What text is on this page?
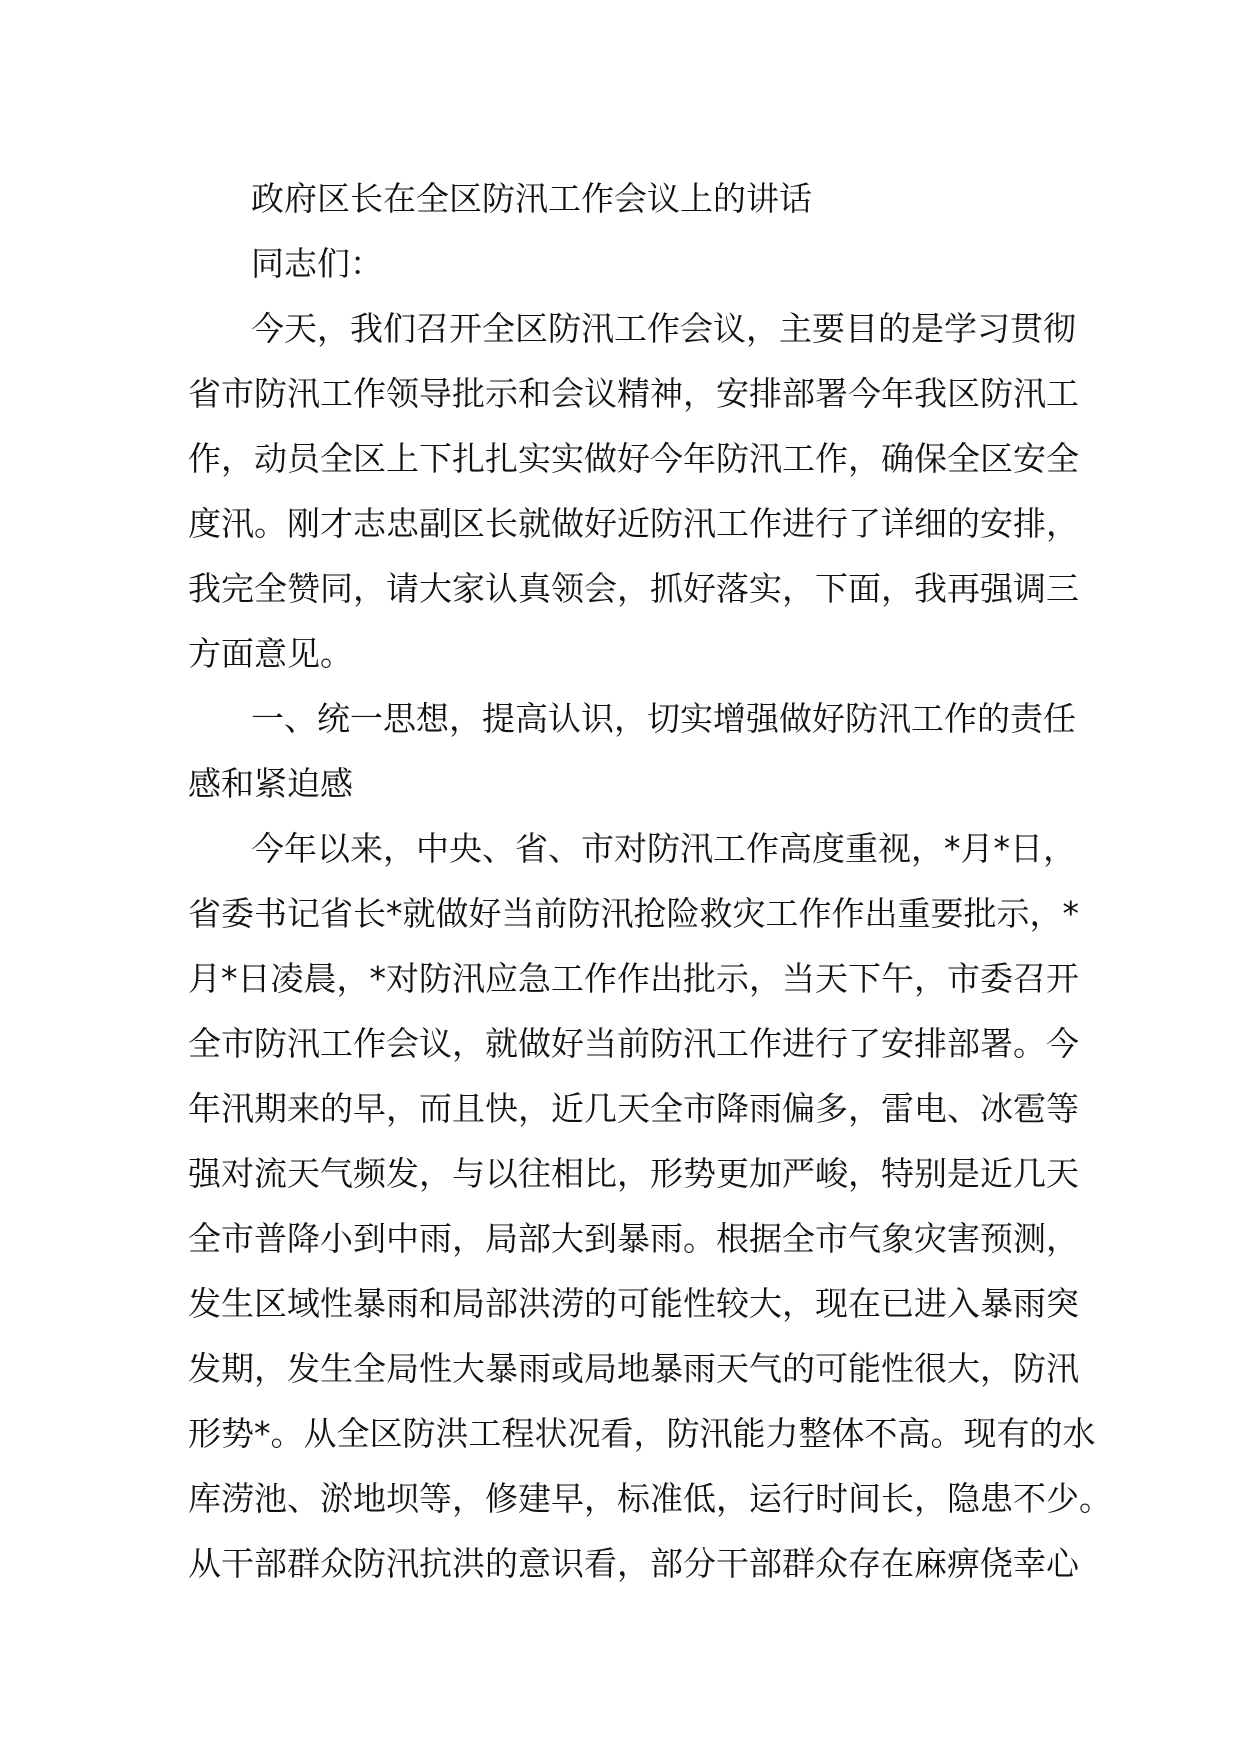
政府区长在全区防汛工作会议上的讲话
同志们：
今天，我们召开全区防汛工作会议，主要目的是学习贯彻
省市防汛工作领导批示和会议精神，安排部署今年我区防汛工
作，动员全区上下扎扎实实做好今年防汛工作，确保全区安全
度汛。刚才志忠副区长就做好近防汛工作进行了详细的安排，
我完全赞同，请大家认真领会，抓好落实，下面，我再强调三
方面意见。
一、统一思想，提高认识，切实增强做好防汛工作的责任
感和紧迫感
今年以来，中央、省、市对防汛工作高度重视，*月*日，
省委书记省长*就做好当前防汛抢险救灾工作作出重要批示，*
月*日凌晨，*对防汛应急工作作出批示，当天下午，市委召开
全市防汛工作会议，就做好当前防汛工作进行了安排部署。今
年汛期来的早，而且快，近几天全市降雨偏多，雷电、冰雹等
强对流天气频发，与以往相比，形势更加严峻，特别是近几天
全市普降小到中雨，局部大到暴雨。根据全市气象灾害预测，
发生区域性暴雨和局部洪涝的可能性较大，现在已进入暴雨突
发期，发生全局性大暴雨或局地暴雨天气的可能性很大，防汛
形势*。从全区防洪工程状况看，防汛能力整体不高。现有的水
库涝池、淤地坝等，修建早，标准低，运行时间长，隐患不少。
从干部群众防汛抗洪的意识看，部分干部群众存在麻痹侥幸心
